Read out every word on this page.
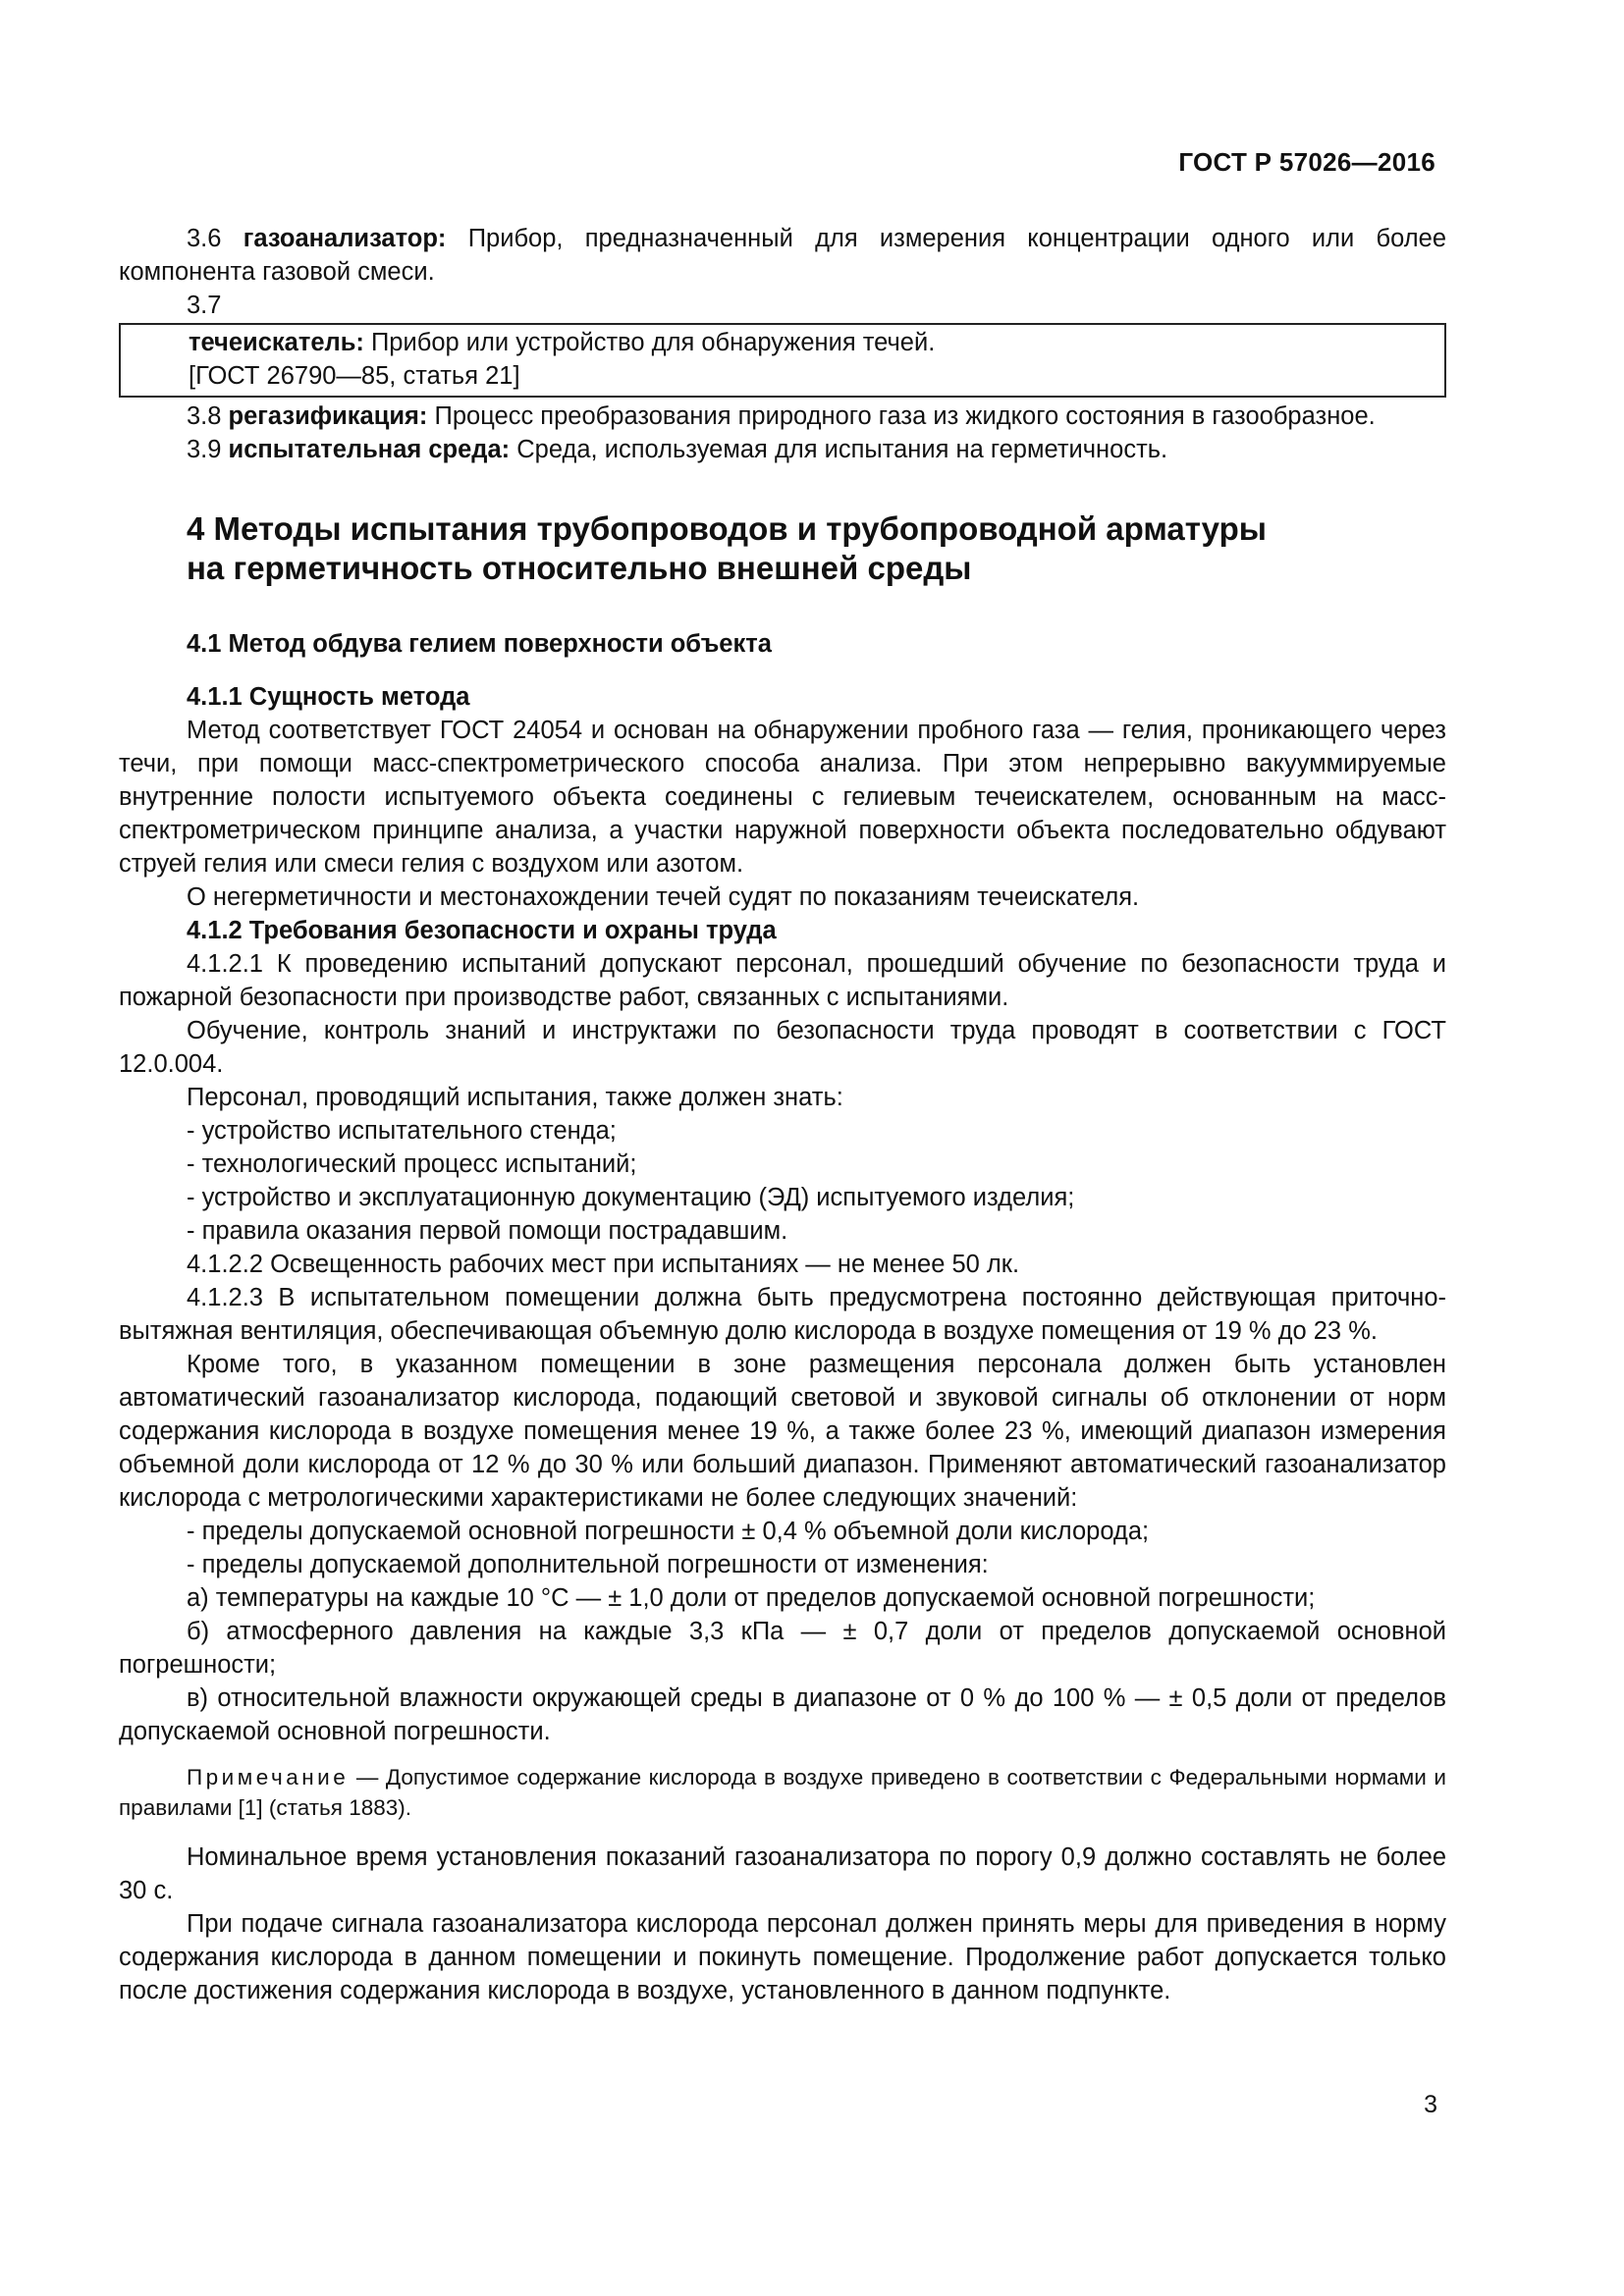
ГОСТ Р 57026—2016

3.6 газоанализатор: Прибор, предназначенный для измерения концентрации одного или более компонента газовой смеси.

3.7

течеискатель: Прибор или устройство для обнаружения течей.

[ГОСТ 26790—85, статья 21]

3.8 регазификация: Процесс преобразования природного газа из жидкого состояния в газообразное.

3.9 испытательная среда: Среда, используемая для испытания на герметичность.

4 Методы испытания трубопроводов и трубопроводной арматуры
на герметичность относительно внешней среды

4.1 Метод обдува гелием поверхности объекта

4.1.1 Сущность метода

Метод соответствует ГОСТ 24054 и основан на обнаружении пробного газа — гелия, проникающего через течи, при помощи масс-спектрометрического способа анализа. При этом непрерывно вакууммируемые внутренние полости испытуемого объекта соединены с гелиевым течеискателем, основанным на масс-спектрометрическом принципе анализа, а участки наружной поверхности объекта последовательно обдувают струей гелия или смеси гелия с воздухом или азотом.

О негерметичности и местонахождении течей судят по показаниям течеискателя.

4.1.2 Требования безопасности и охраны труда

4.1.2.1 К проведению испытаний допускают персонал, прошедший обучение по безопасности труда и пожарной безопасности при производстве работ, связанных с испытаниями.

Обучение, контроль знаний и инструктажи по безопасности труда проводят в соответствии с ГОСТ 12.0.004.

Персонал, проводящий испытания, также должен знать:

- устройство испытательного стенда;

- технологический процесс испытаний;

- устройство и эксплуатационную документацию (ЭД) испытуемого изделия;

- правила оказания первой помощи пострадавшим.

4.1.2.2 Освещенность рабочих мест при испытаниях — не менее 50 лк.

4.1.2.3 В испытательном помещении должна быть предусмотрена постоянно действующая приточно-вытяжная вентиляция, обеспечивающая объемную долю кислорода в воздухе помещения от 19 % до 23 %.

Кроме того, в указанном помещении в зоне размещения персонала должен быть установлен автоматический газоанализатор кислорода, подающий световой и звуковой сигналы об отклонении от норм содержания кислорода в воздухе помещения менее 19 %, а также более 23 %, имеющий диапазон измерения объемной доли кислорода от 12 % до 30 % или больший диапазон. Применяют автоматический газоанализатор кислорода с метрологическими характеристиками не более следующих значений:

- пределы допускаемой основной погрешности ± 0,4 % объемной доли кислорода;

- пределы допускаемой дополнительной погрешности от изменения:

а) температуры на каждые 10 °C — ± 1,0 доли от пределов допускаемой основной погрешности;

б) атмосферного давления на каждые 3,3 кПа — ± 0,7 доли от пределов допускаемой основной погрешности;

в) относительной влажности окружающей среды в диапазоне от 0 % до 100 % — ± 0,5 доли от пределов допускаемой основной погрешности.

Примечание — Допустимое содержание кислорода в воздухе приведено в соответствии с Федеральными нормами и правилами [1] (статья 1883).

Номинальное время установления показаний газоанализатора по порогу 0,9 должно составлять не более 30 с.

При подаче сигнала газоанализатора кислорода персонал должен принять меры для приведения в норму содержания кислорода в данном помещении и покинуть помещение. Продолжение работ допускается только после достижения содержания кислорода в воздухе, установленного в данном подпункте.

3
